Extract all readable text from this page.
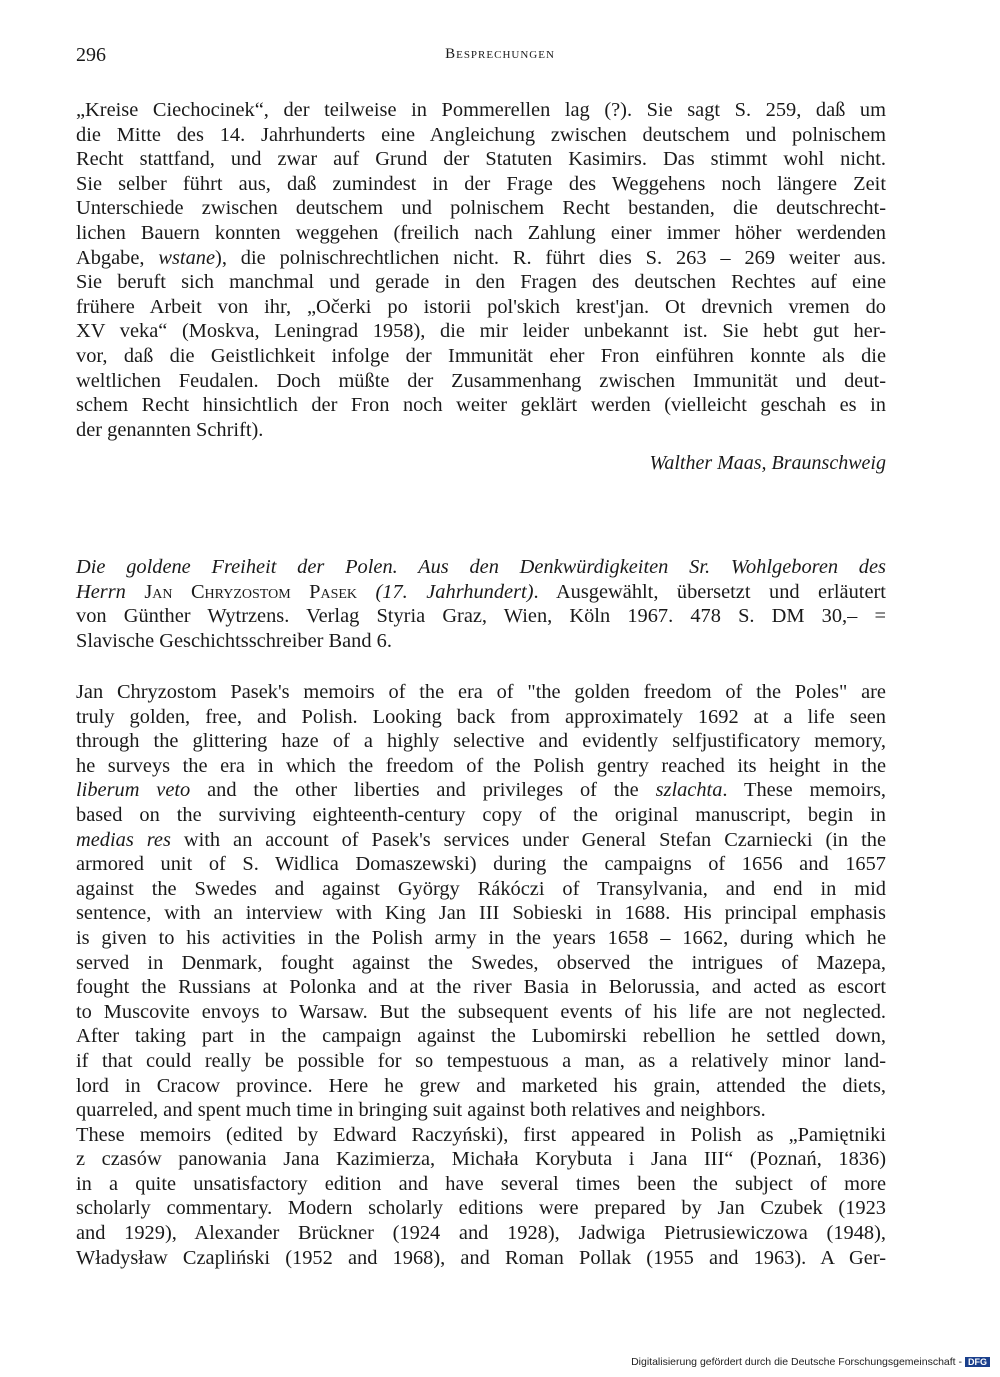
296	Besprechungen
„Kreise Ciechocinek“, der teilweise in Pommerellen lag (?). Sie sagt S. 259, daß um
die Mitte des 14. Jahrhunderts eine Angleichung zwischen deutschem und polnischem
Recht stattfand, und zwar auf Grund der Statuten Kasimirs. Das stimmt wohl nicht.
Sie selber führt aus, daß zumindest in der Frage des Weggehens noch längere Zeit
Unterschiede zwischen deutschem und polnischem Recht bestanden, die deutschrecht-
lichen Bauern konnten weggehen (freilich nach Zahlung einer immer höher werdenden
Abgabe, wstane), die polnischrechtlichen nicht. R. führt dies S. 263 – 269 weiter aus.
Sie beruft sich manchmal und gerade in den Fragen des deutschen Rechtes auf eine
frühere Arbeit von ihr, „Očerki po istorii pol'skich krest'jan. Ot drevnich vremen do
XV veka“ (Moskva, Leningrad 1958), die mir leider unbekannt ist. Sie hebt gut her-
vor, daß die Geistlichkeit infolge der Immunität eher Fron einführen konnte als die
weltlichen Feudalen. Doch müßte der Zusammenhang zwischen Immunität und deut-
schem Recht hinsichtlich der Fron noch weiter geklärt werden (vielleicht geschah es in
der genannten Schrift).
Walther Maas, Braunschweig
Die goldene Freiheit der Polen. Aus den Denkwürdigkeiten Sr. Wohlgeboren des
Herrn Jan Chryzostom Pasek (17. Jahrhundert). Ausgewählt, übersetzt und erläutert
von Günther Wytrzens. Verlag Styria Graz, Wien, Köln 1967. 478 S. DM 30,– =
Slavische Geschichtsschreiber Band 6.
Jan Chryzostom Pasek's memoirs of the era of "the golden freedom of the Poles" are
truly golden, free, and Polish. Looking back from approximately 1692 at a life seen
through the glittering haze of a highly selective and evidently selfjustificatory memory,
he surveys the era in which the freedom of the Polish gentry reached its height in the
liberum veto and the other liberties and privileges of the szlachta. These memoirs,
based on the surviving eighteenth-century copy of the original manuscript, begin in
medias res with an account of Pasek's services under General Stefan Czarniecki (in the
armored unit of S. Widlica Domaszewski) during the campaigns of 1656 and 1657
against the Swedes and against György Rákóczi of Transylvania, and end in mid
sentence, with an interview with King Jan III Sobieski in 1688. His principal emphasis
is given to his activities in the Polish army in the years 1658 – 1662, during which he
served in Denmark, fought against the Swedes, observed the intrigues of Mazepa,
fought the Russians at Polonka and at the river Basia in Belorussia, and acted as escort
to Muscovite envoys to Warsaw. But the subsequent events of his life are not neglected.
After taking part in the campaign against the Lubomirski rebellion he settled down,
if that could really be possible for so tempestuous a man, as a relatively minor land-
lord in Cracow province. Here he grew and marketed his grain, attended the diets,
quarreled, and spent much time in bringing suit against both relatives and neighbors.
These memoirs (edited by Edward Raczyński), first appeared in Polish as „Pamiętniki
z czasów panowania Jana Kazimierza, Michała Korybuta i Jana III“ (Poznań, 1836)
in a quite unsatisfactory edition and have several times been the subject of more
scholarly commentary. Modern scholarly editions were prepared by Jan Czubek (1923
and 1929), Alexander Brückner (1924 and 1928), Jadwiga Pietrusiewiczowa (1948),
Władysław Czapliński (1952 and 1968), and Roman Pollak (1955 and 1963). A Ger-
Digitalisierung gefördert durch die Deutsche Forschungsgemeinschaft - DFG
